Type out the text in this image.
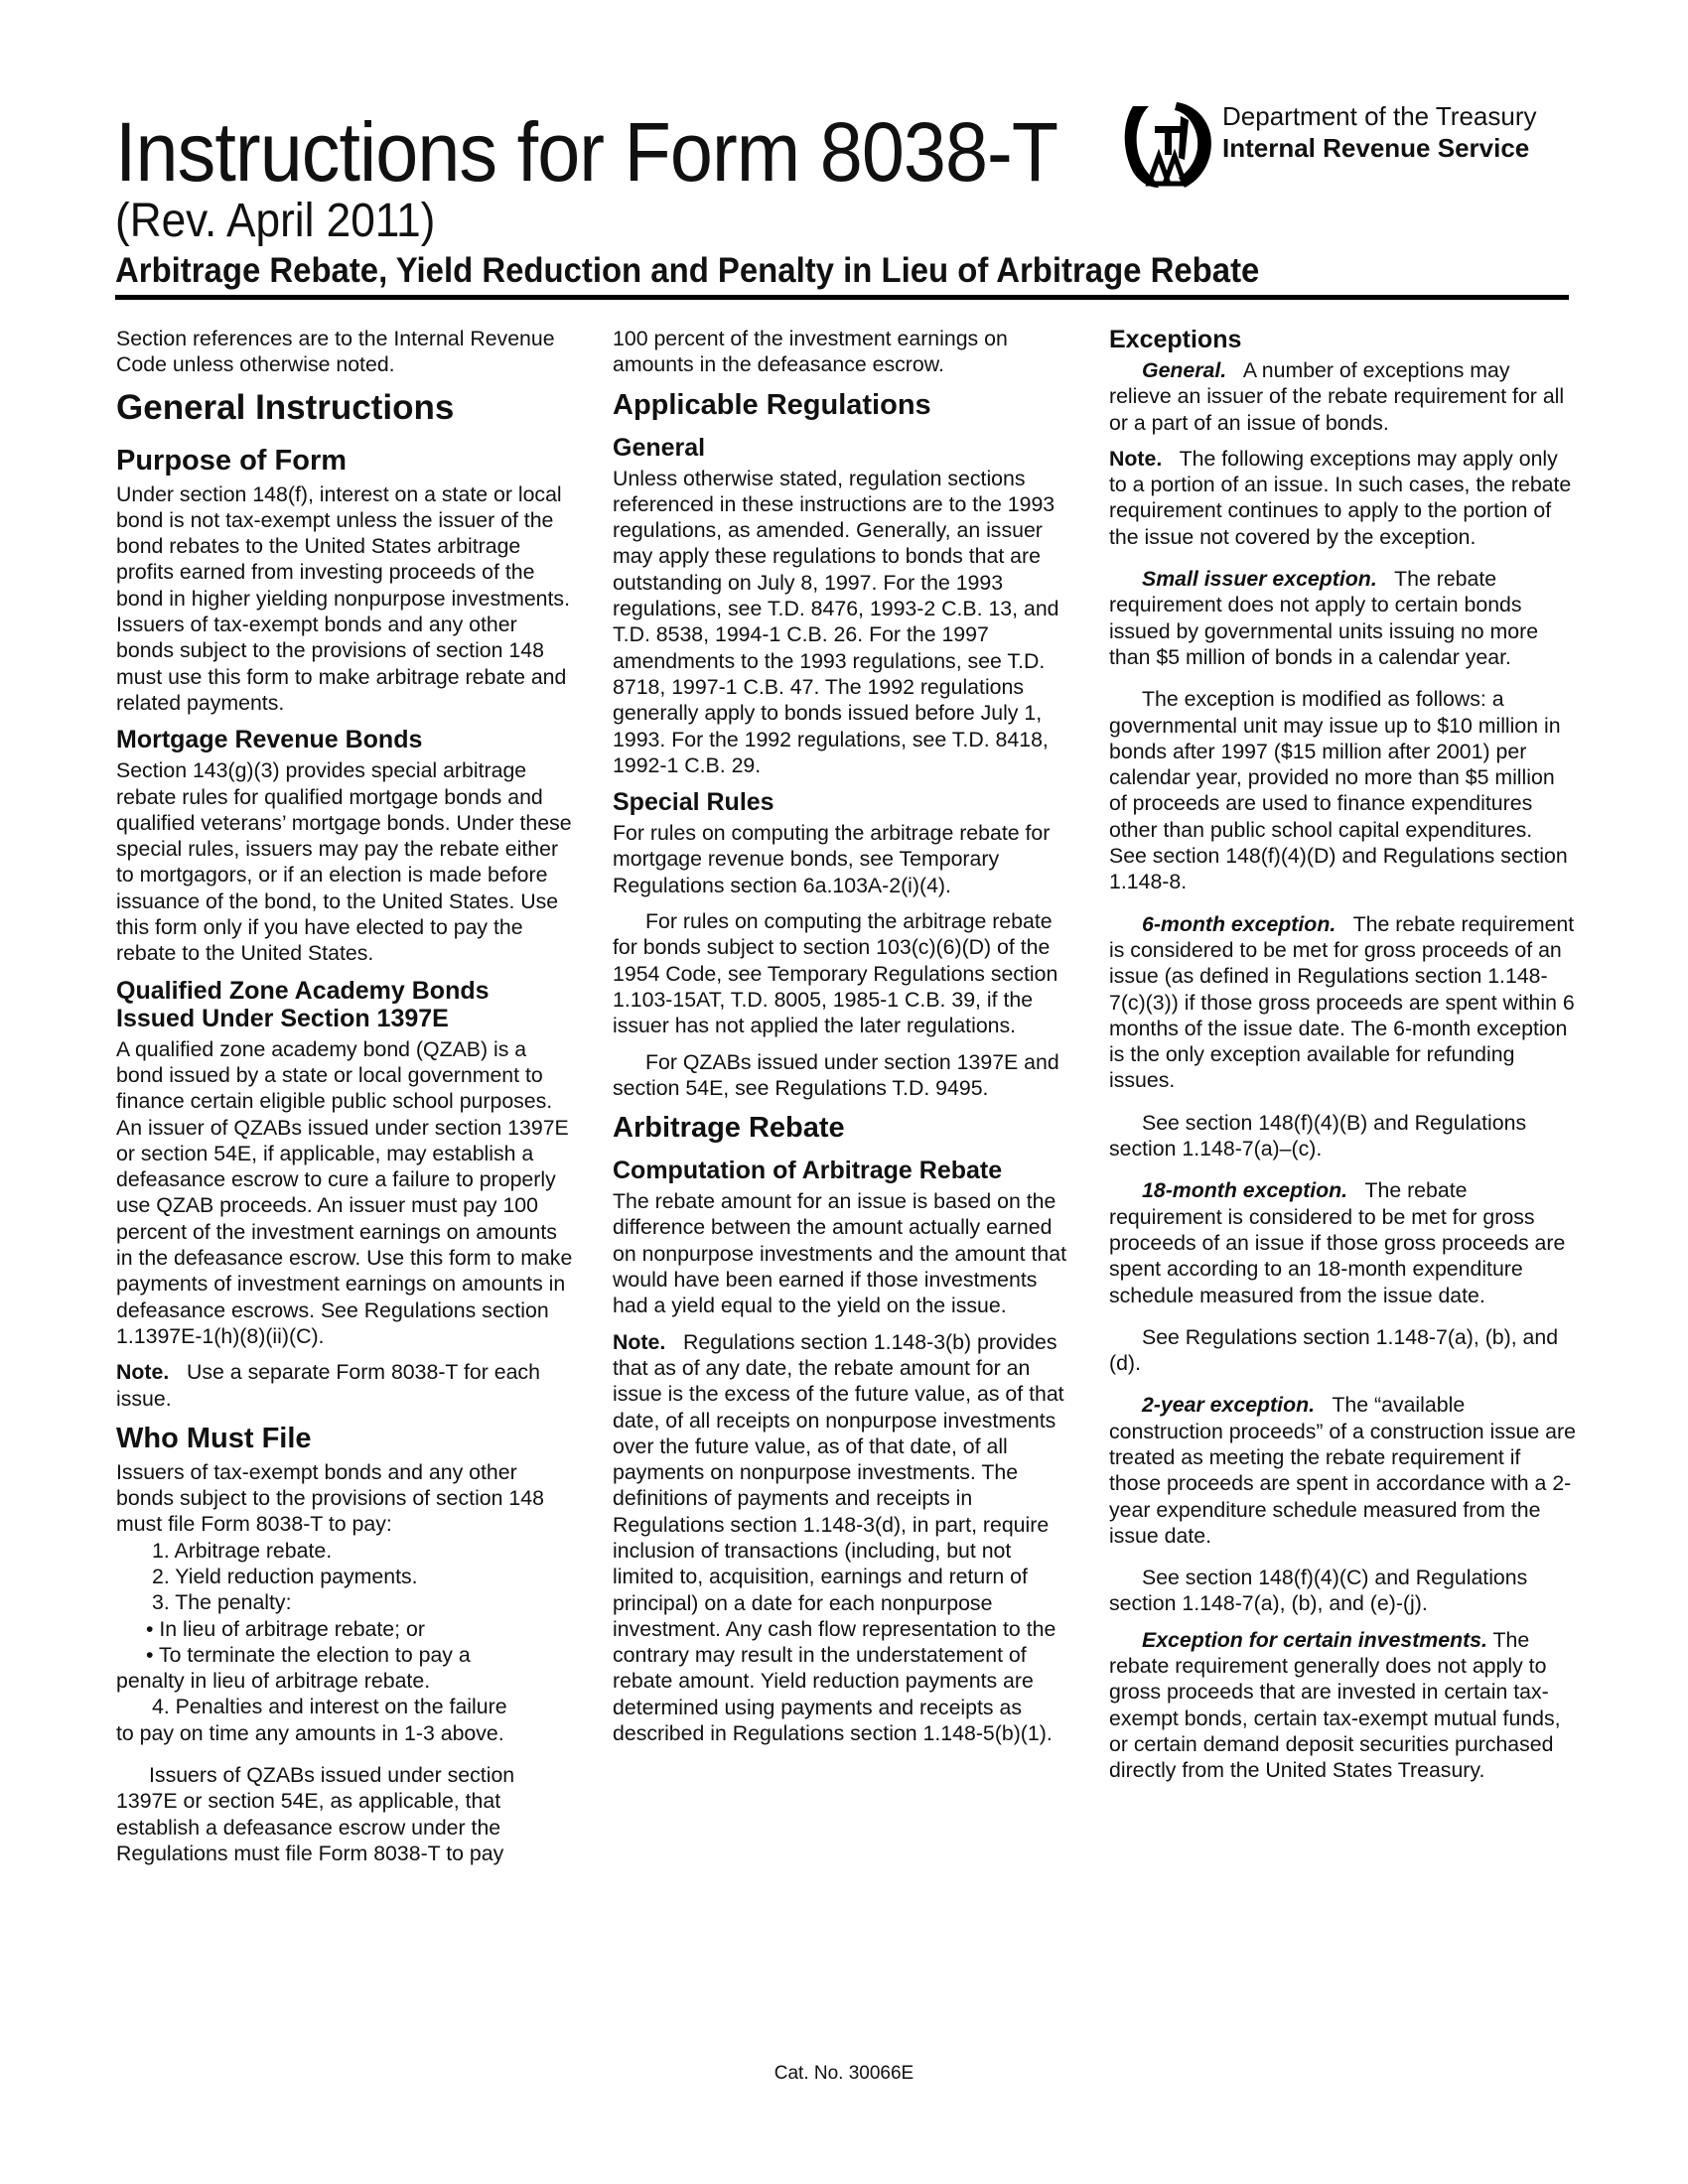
Instructions for Form 8038-T	Department of the Treasury
Internal Revenue Service
(Rev. April 2011)
Arbitrage Rebate, Yield Reduction and Penalty in Lieu of Arbitrage Rebate

Section references are to the Internal Revenue Code unless otherwise noted.

General Instructions
Purpose of Form

Under section 148(f), interest on a state or local bond is not tax-exempt unless the issuer of the bond rebates to the United States arbitrage profits earned from investing proceeds of the bond in higher yielding nonpurpose investments. Issuers of tax-exempt bonds and any other bonds subject to the provisions of section 148 must use this form to make arbitrage rebate and related payments.

Mortgage Revenue Bonds

Section 143(g)(3) provides special arbitrage rebate rules for qualified mortgage bonds and qualified veterans’ mortgage bonds. Under these special rules, issuers may pay the rebate either to mortgagors, or if an election is made before issuance of the bond, to the United States. Use this form only if you have elected to pay the rebate to the United States.

Qualified Zone Academy Bonds Issued Under Section 1397E

A qualified zone academy bond (QZAB) is a bond issued by a state or local government to finance certain eligible public school purposes. An issuer of QZABs issued under section 1397E or section 54E, if applicable, may establish a defeasance escrow to cure a failure to properly use QZAB proceeds. An issuer must pay 100 percent of the investment earnings on amounts in the defeasance escrow. Use this form to make payments of investment earnings on amounts in defeasance escrows. See Regulations section 1.1397E-1(h)(8)(ii)(C).

Note. Use a separate Form 8038-T for each issue.

Who Must File

Issuers of tax-exempt bonds and any other bonds subject to the provisions of section 148 must file Form 8038-T to pay:

1. Arbitrage rebate.
2. Yield reduction payments.
3. The penalty:
• In lieu of arbitrage rebate; or
• To terminate the election to pay a
penalty in lieu of arbitrage rebate.
4. Penalties and interest on the failure
to pay on time any amounts in 1-3 above.

Issuers of QZABs issued under section 1397E or section 54E, as applicable, that establish a defeasance escrow under the Regulations must file Form 8038-T to pay

100 percent of the investment earnings on amounts in the defeasance escrow.

Applicable Regulations
General

Unless otherwise stated, regulation sections referenced in these instructions are to the 1993 regulations, as amended. Generally, an issuer may apply these regulations to bonds that are outstanding on July 8, 1997. For the 1993 regulations, see T.D. 8476, 1993-2 C.B. 13, and T.D. 8538, 1994-1 C.B. 26. For the 1997 amendments to the 1993 regulations, see T.D. 8718, 1997-1 C.B. 47. The 1992 regulations generally apply to bonds issued before July 1, 1993. For the 1992 regulations, see T.D. 8418, 1992-1 C.B. 29.

Special Rules

For rules on computing the arbitrage rebate for mortgage revenue bonds, see Temporary Regulations section 6a.103A-2(i)(4).

For rules on computing the arbitrage rebate for bonds subject to section 103(c)(6)(D) of the 1954 Code, see Temporary Regulations section 1.103-15AT, T.D. 8005, 1985-1 C.B. 39, if the issuer has not applied the later regulations.

For QZABs issued under section 1397E and section 54E, see Regulations T.D. 9495.

Arbitrage Rebate
Computation of Arbitrage Rebate

The rebate amount for an issue is based on the difference between the amount actually earned on nonpurpose investments and the amount that would have been earned if those investments had a yield equal to the yield on the issue.

Note. Regulations section 1.148-3(b) provides that as of any date, the rebate amount for an issue is the excess of the future value, as of that date, of all receipts on nonpurpose investments over the future value, as of that date, of all payments on nonpurpose investments. The definitions of payments and receipts in Regulations section 1.148-3(d), in part, require inclusion of transactions (including, but not limited to, acquisition, earnings and return of principal) on a date for each nonpurpose investment. Any cash flow representation to the contrary may result in the understatement of rebate amount. Yield reduction payments are determined using payments and receipts as described in Regulations section 1.148-5(b)(1).

Exceptions

General. A number of exceptions may relieve an issuer of the rebate requirement for all or a part of an issue of bonds.

Note. The following exceptions may apply only to a portion of an issue. In such cases, the rebate requirement continues to apply to the portion of the issue not covered by the exception.

Small issuer exception. The rebate requirement does not apply to certain bonds issued by governmental units issuing no more than $5 million of bonds in a calendar year.

The exception is modified as follows: a governmental unit may issue up to $10 million in bonds after 1997 ($15 million after 2001) per calendar year, provided no more than $5 million of proceeds are used to finance expenditures other than public school capital expenditures. See section 148(f)(4)(D) and Regulations section 1.148-8.

6-month exception. The rebate requirement is considered to be met for gross proceeds of an issue (as defined in Regulations section 1.148-7(c)(3)) if those gross proceeds are spent within 6 months of the issue date. The 6-month exception is the only exception available for refunding issues.

See section 148(f)(4)(B) and Regulations section 1.148-7(a)–(c).

18-month exception. The rebate requirement is considered to be met for gross proceeds of an issue if those gross proceeds are spent according to an 18-month expenditure schedule measured from the issue date.

See Regulations section 1.148-7(a), (b), and (d).

2-year exception. The “available construction proceeds” of a construction issue are treated as meeting the rebate requirement if those proceeds are spent in accordance with a 2-year expenditure schedule measured from the issue date.

See section 148(f)(4)(C) and Regulations section 1.148-7(a), (b), and (e)-(j).

Exception for certain investments. The rebate requirement generally does not apply to gross proceeds that are invested in certain tax-exempt bonds, certain tax-exempt mutual funds, or certain demand deposit securities purchased directly from the United States Treasury.

Cat. No. 30066E
